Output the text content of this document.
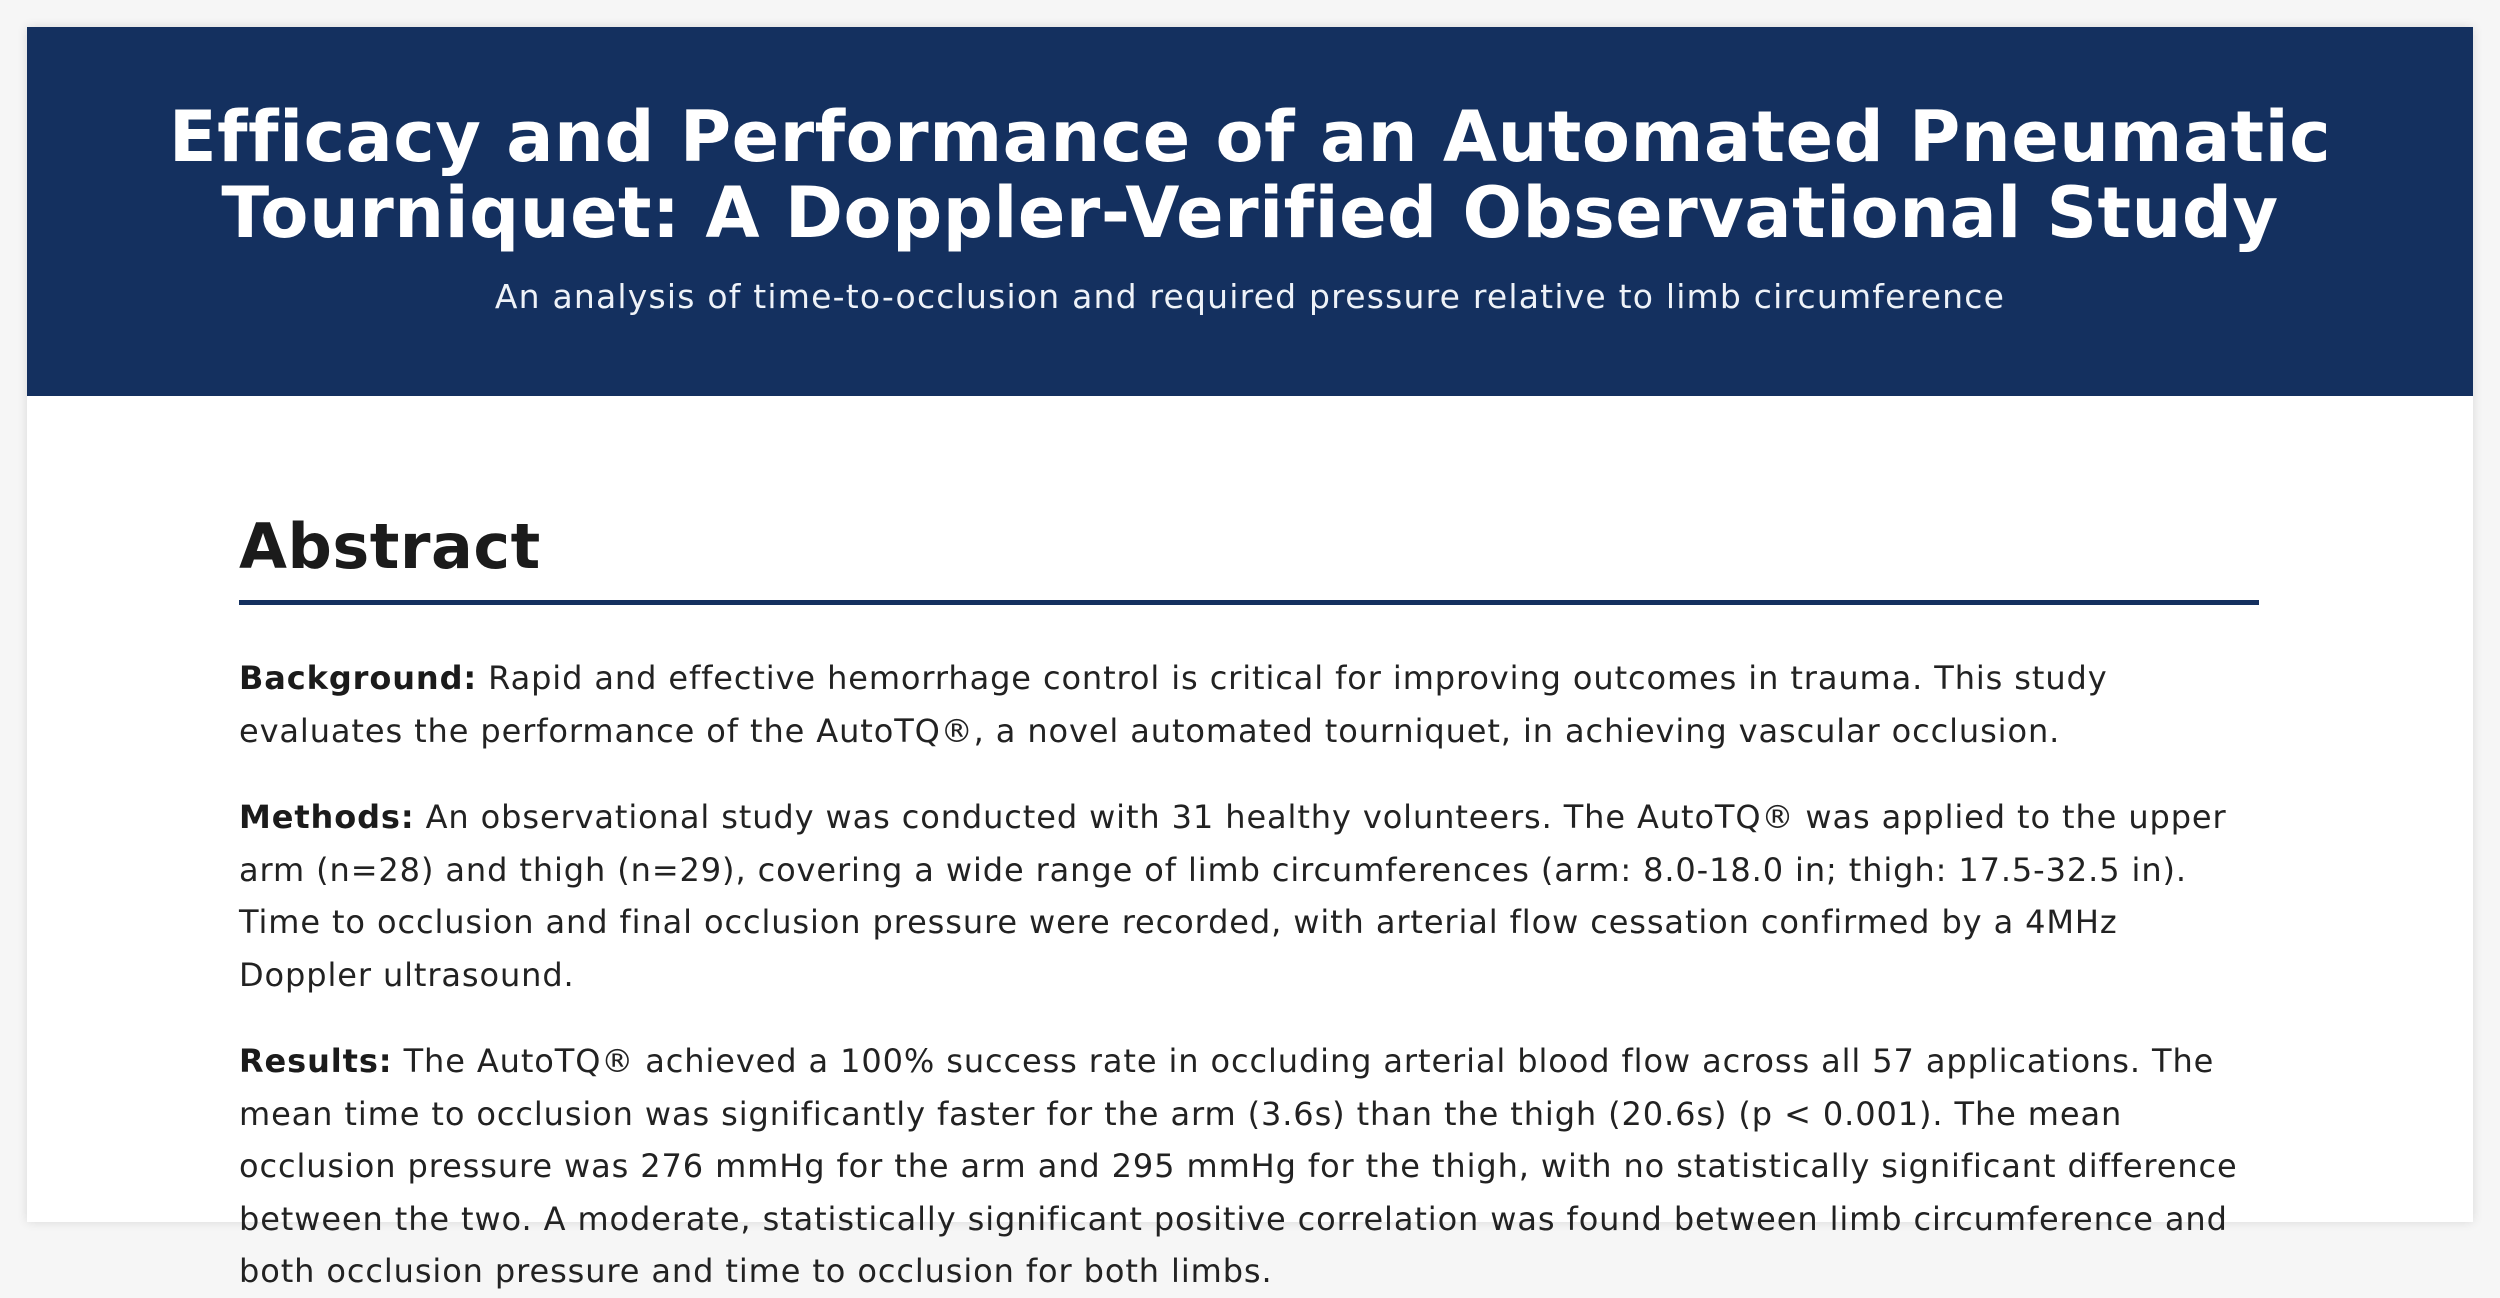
Efficacy and Performance of an Automated Pneumatic
Tourniquet: A Doppler-Verified Observational Study

An analysis of time-to-occlusion and required pressure relative to limb circumference

Abstract

Background: Rapid and effective hemorrhage control is critical for improving outcomes in trauma. This study evaluates the performance of the AutoTQ®, a novel automated tourniquet, in achieving vascular occlusion.

Methods: An observational study was conducted with 31 healthy volunteers. The AutoTQ® was applied to the upper arm (n=28) and thigh (n=29), covering a wide range of limb circumferences (arm: 8.0-18.0 in; thigh: 17.5-32.5 in). Time to occlusion and final occlusion pressure were recorded, with arterial flow cessation confirmed by a 4MHz Doppler ultrasound.

Results: The AutoTQ® achieved a 100% success rate in occluding arterial blood flow across all 57 applications. The mean time to occlusion was significantly faster for the arm (3.6s) than the thigh (20.6s) (p < 0.001). The mean occlusion pressure was 276 mmHg for the arm and 295 mmHg for the thigh, with no statistically significant difference between the two. A moderate, statistically significant positive correlation was found between limb circumference and both occlusion pressure and time to occlusion for both limbs.
